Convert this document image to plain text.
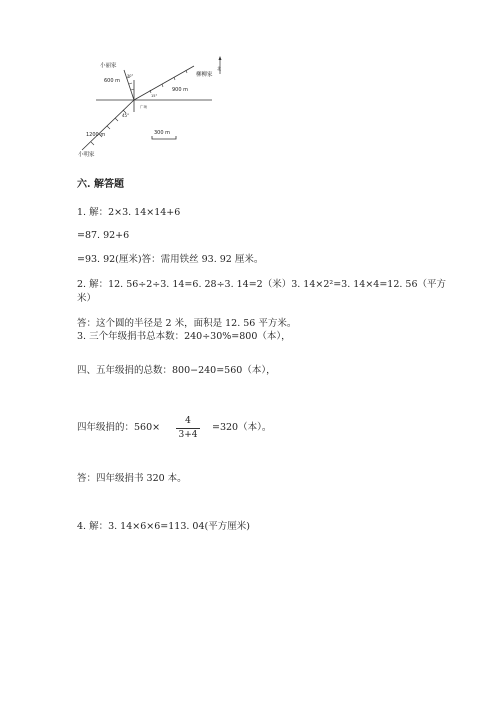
小丽家
柳柳家
小明家
北
广场
600 m
900 m
1200 m
30°
45°
15°
300 m
六. 解答题
1. 解：2×3. 14×14+6
=87. 92+6
=93. 92(厘米)答：需用铁丝 93. 92 厘米。
2. 解：12. 56÷2÷3. 14=6. 28÷3. 14=2（米）3. 14×2²=3. 14×4=12. 56（平方
米）
答：这个圆的半径是 2 米，面积是 12. 56 平方米。
3. 三个年级捐书总本数：240÷30%=800（本），
四、五年级捐的总数：800−240=560（本），
四年级捐的：560×
4
3+4
=320（本）。
答：四年级捐书 320 本。
4. 解：3. 14×6×6=113. 04(平方厘米)
